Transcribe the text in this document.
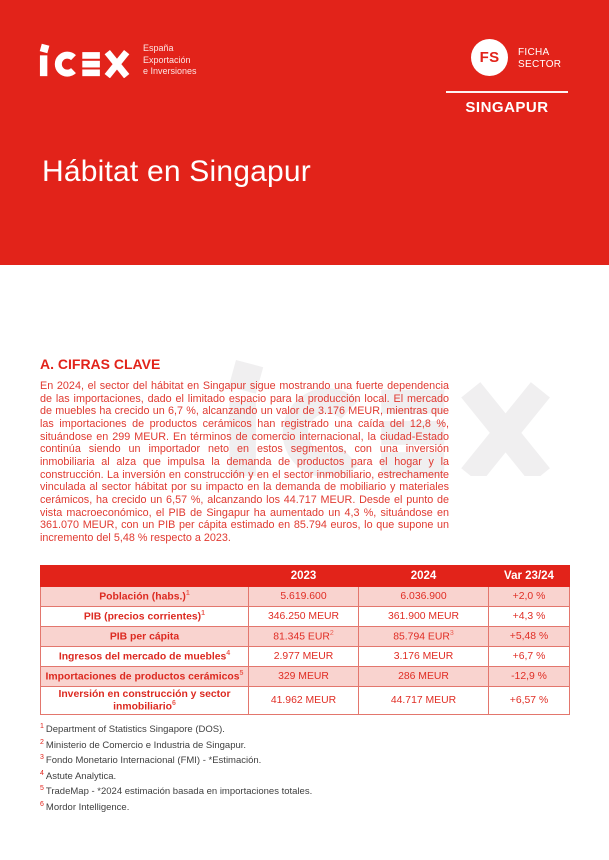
España
Exportación
e Inversiones
FS FICHA
SECTOR
SINGAPUR
Hábitat en Singapur
A. CIFRAS CLAVE
En 2024, el sector del hábitat en Singapur sigue mostrando una fuerte dependencia de las importaciones, dado el limitado espacio para la producción local. El mercado de muebles ha crecido un 6,7 %, alcanzando un valor de 3.176 MEUR, mientras que las importaciones de productos cerámicos han registrado una caída del 12,8 %, situándose en 299 MEUR. En términos de comercio internacional, la ciudad-Estado continúa siendo un importador neto en estos segmentos, con una inversión inmobiliaria al alza que impulsa la demanda de productos para el hogar y la construcción. La inversión en construcción y en el sector inmobiliario, estrechamente vinculada al sector hábitat por su impacto en la demanda de mobiliario y materiales cerámicos, ha crecido un 6,57 %, alcanzando los 44.717 MEUR. Desde el punto de vista macroeconómico, el PIB de Singapur ha aumentado un 4,3 %, situándose en 361.070 MEUR, con un PIB per cápita estimado en 85.794 euros, lo que supone un incremento del 5,48 % respecto a 2023.
	2023	2024	Var 23/24
Población (habs.)$^1$	5.619.600	6.036.900	+2,0 %
PIB (precios corrientes)$^1$	346.250 MEUR	361.900 MEUR	+4,3 %
PIB per cápita	81.345 EUR$^2$	85.794 $EUR^3$	+5,48 %
Ingresos del mercado de muebles$^4$	2.977 MEUR	3.176 MEUR	+6,7 %
Importaciones de productos cerámicos$^5$	329 MEUR	286 MEUR	-12,9 %
Inversión en construcción y sector inmobiliario$^6$	41.962 MEUR	44.717 MEUR	+6,57 %
$^1$ Department of Statistics Singapore (DOS).
$^2$ Ministerio de Comercio e Industria de Singapur.
$^3$ Fondo Monetario Internacional (FMI) - *Estimación.
$^4$ Astute Analytica.
$^5$ TradeMap - *2024 estimación basada en importaciones totales.
$^6$ Mordor Intelligence.
